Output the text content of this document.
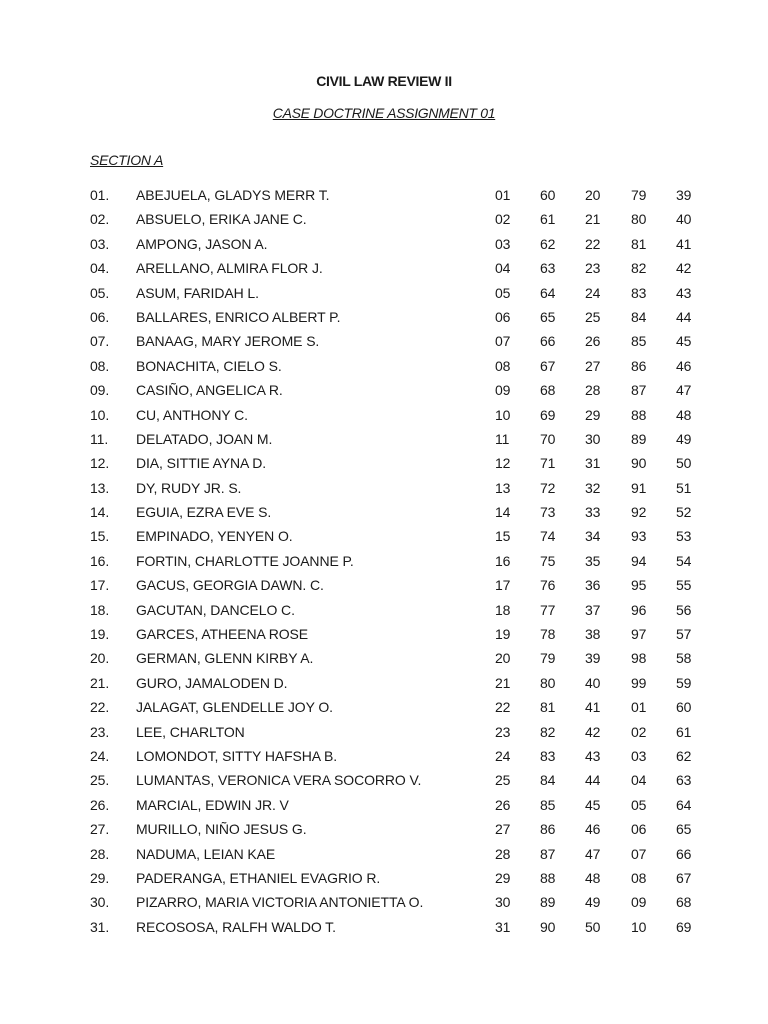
CIVIL LAW REVIEW II
CASE DOCTRINE ASSIGNMENT 01
SECTION A
01. ABEJUELA, GLADYS MERR T.	01 60 20 79 39
02. ABSUELO, ERIKA JANE C.	02 61 21 80 40
03. AMPONG, JASON A.	03 62 22 81 41
04. ARELLANO, ALMIRA FLOR J.	04 63 23 82 42
05. ASUM, FARIDAH L.	05 64 24 83 43
06. BALLARES, ENRICO ALBERT P.	06 65 25 84 44
07. BANAAG, MARY JEROME S.	07 66 26 85 45
08. BONACHITA, CIELO S.	08 67 27 86 46
09. CASIÑO, ANGELICA R.	09 68 28 87 47
10. CU, ANTHONY C.	10 69 29 88 48
11. DELATADO, JOAN M.	11 70 30 89 49
12. DIA, SITTIE AYNA D.	12 71 31 90 50
13. DY, RUDY JR. S.	13 72 32 91 51
14. EGUIA, EZRA EVE S.	14 73 33 92 52
15. EMPINADO, YENYEN O.	15 74 34 93 53
16. FORTIN, CHARLOTTE JOANNE P.	16 75 35 94 54
17. GACUS, GEORGIA DAWN. C.	17 76 36 95 55
18. GACUTAN, DANCELO C.	18 77 37 96 56
19. GARCES, ATHEENA ROSE	19 78 38 97 57
20. GERMAN, GLENN KIRBY A.	20 79 39 98 58
21. GURO, JAMALODEN D.	21 80 40 99 59
22. JALAGAT, GLENDELLE JOY O.	22 81 41 01 60
23. LEE, CHARLTON	23 82 42 02 61
24. LOMONDOT, SITTY HAFSHA B.	24 83 43 03 62
25. LUMANTAS, VERONICA VERA SOCORRO V.	25 84 44 04 63
26. MARCIAL, EDWIN JR. V	26 85 45 05 64
27. MURILLO, NIÑO JESUS G.	27 86 46 06 65
28. NADUMA, LEIAN KAE	28 87 47 07 66
29. PADERANGA, ETHANIEL EVAGRIO R.	29 88 48 08 67
30. PIZARRO, MARIA VICTORIA ANTONIETTA O.	30 89 49 09 68
31. RECOSOSA, RALFH WALDO T.	31 90 50 10 69
